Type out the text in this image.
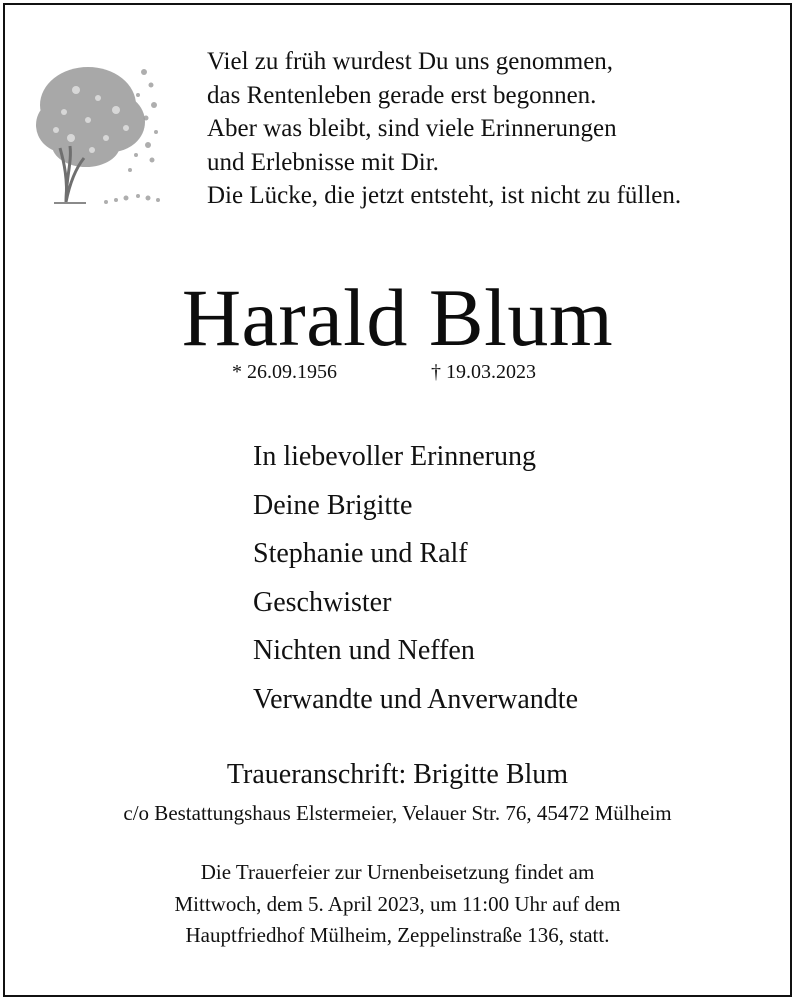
Viel zu früh wurdest Du uns genommen,
das Rentenleben gerade erst begonnen.
Aber was bleibt, sind viele Erinnerungen
und Erlebnisse mit Dir.
Die Lücke, die jetzt entsteht, ist nicht zu füllen.
Harald Blum
* 26.09.1956	† 19.03.2023
In liebevoller Erinnerung
Deine Brigitte
Stephanie und Ralf
Geschwister
Nichten und Neffen
Verwandte und Anverwandte
Traueranschrift: Brigitte Blum
c/o Bestattungshaus Elstermeier, Velauer Str. 76, 45472 Mülheim
Die Trauerfeier zur Urnenbeisetzung findet am
Mittwoch, dem 5. April 2023, um 11:00 Uhr auf dem
Hauptfriedhof Mülheim, Zeppelinstraße 136, statt.
